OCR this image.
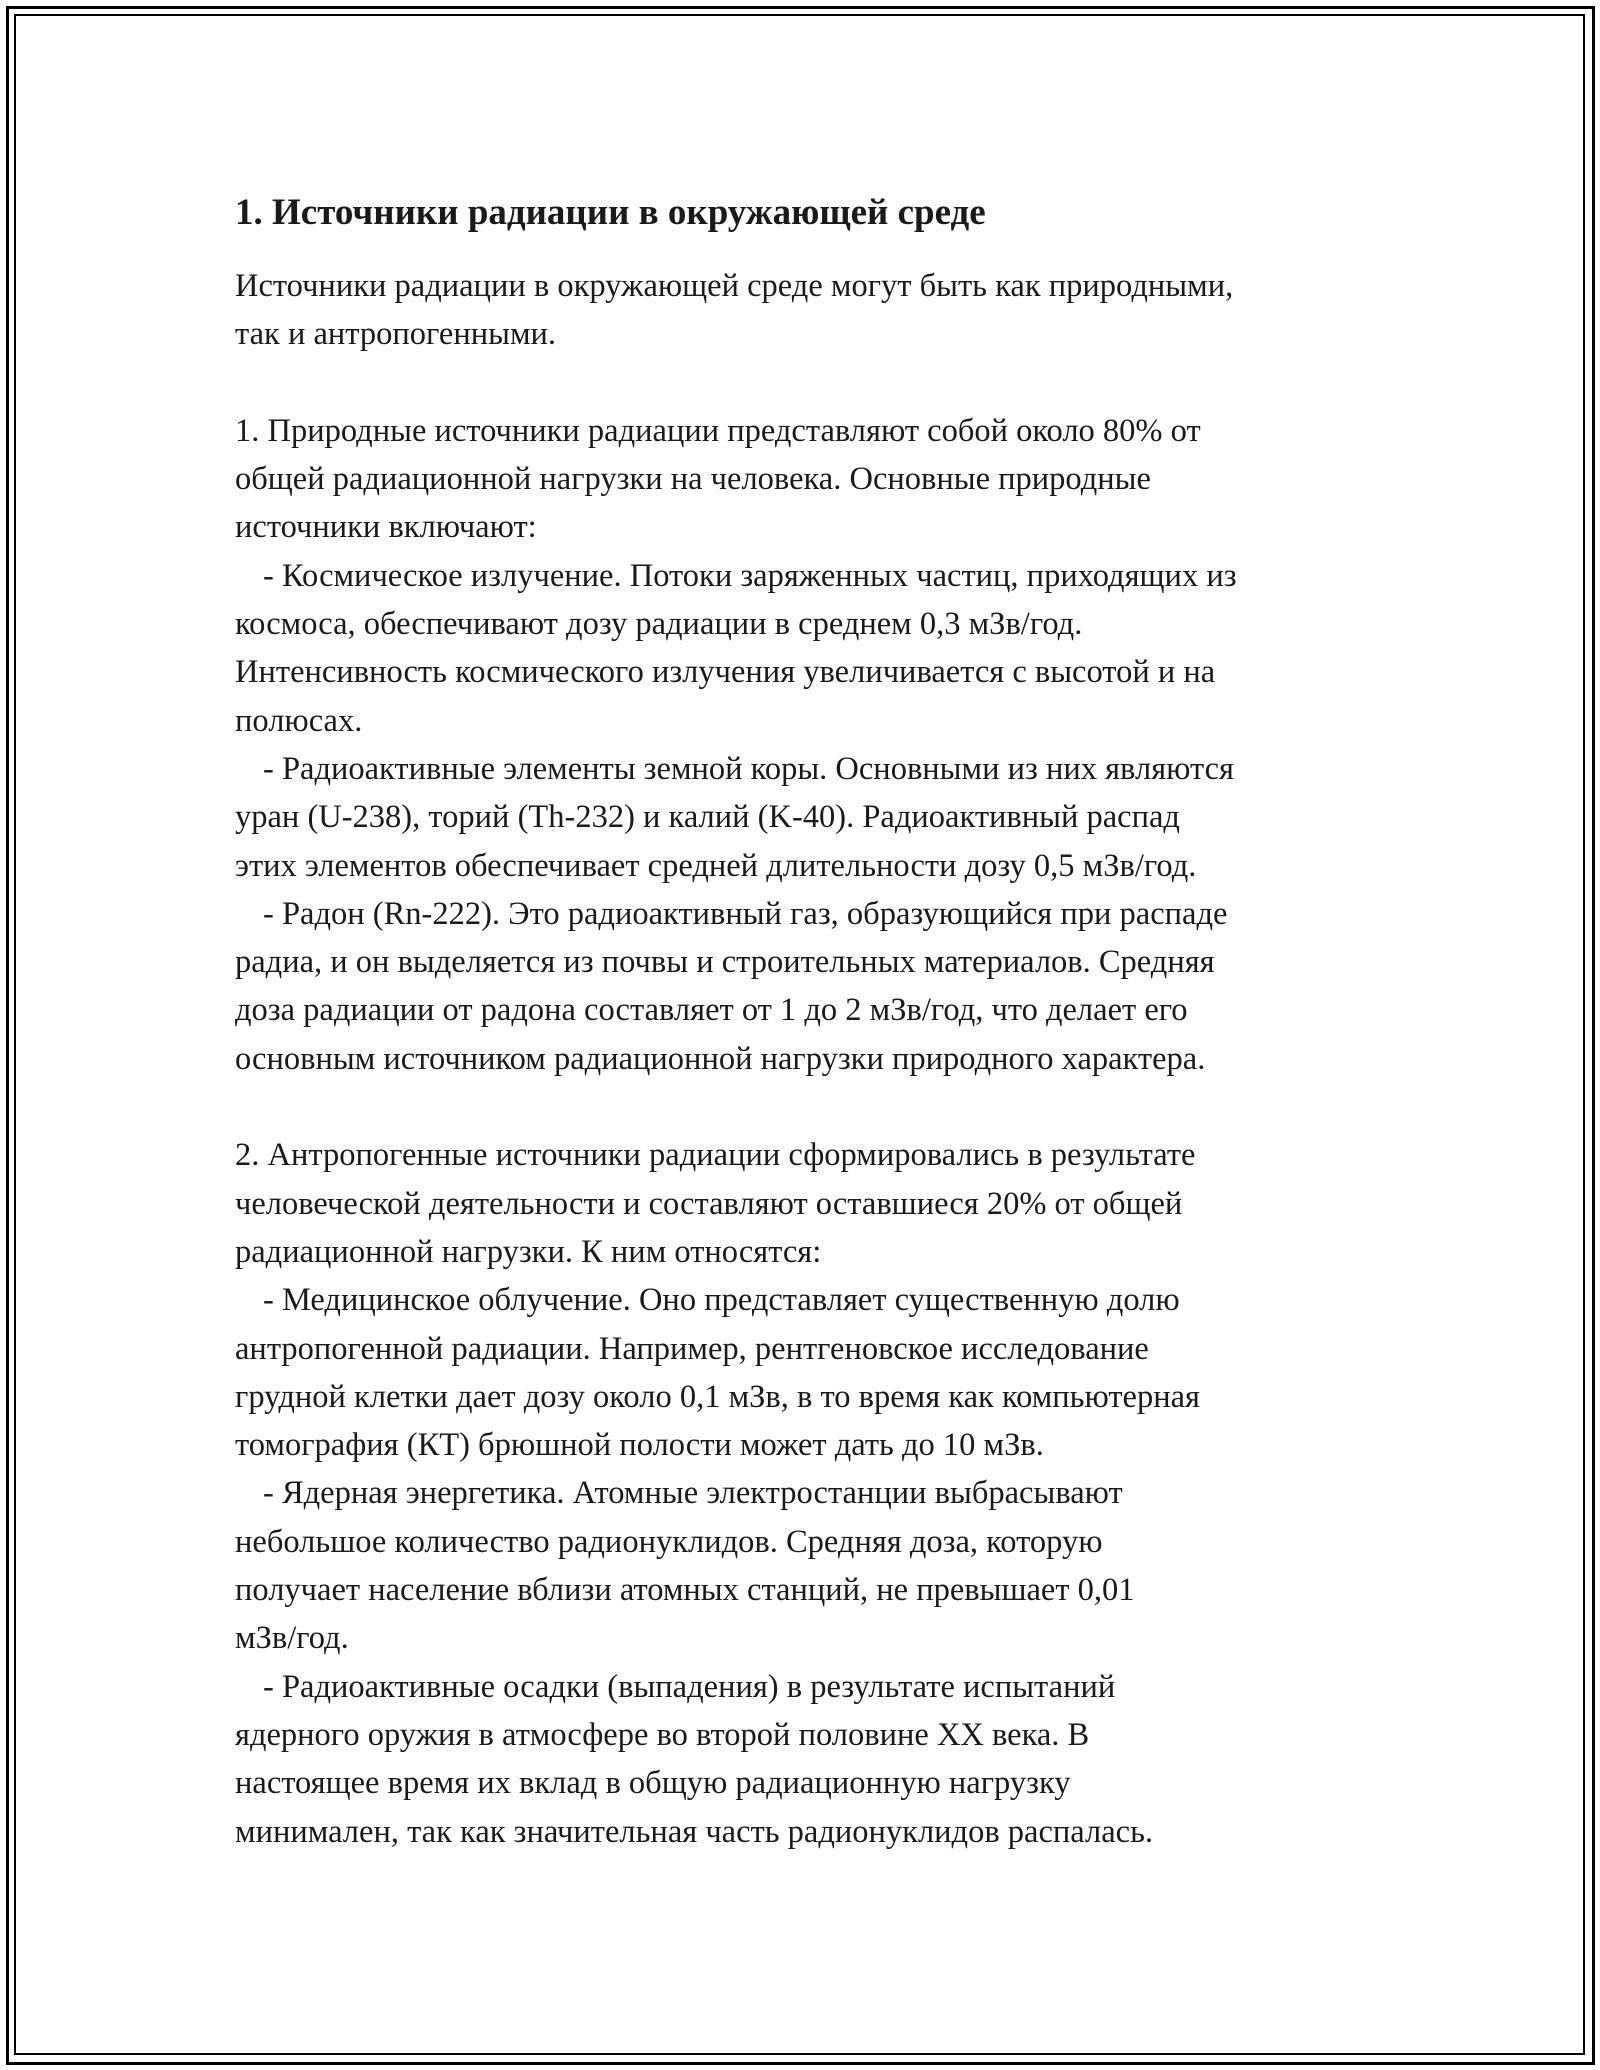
1. Источники радиации в окружающей среде
Источники радиации в окружающей среде могут быть как природными,
так и антропогенными.
1. Природные источники радиации представляют собой около 80% от
общей радиационной нагрузки на человека. Основные природные
источники включают:
- Космическое излучение. Потоки заряженных частиц, приходящих из
космоса, обеспечивают дозу радиации в среднем 0,3 мЗв/год.
Интенсивность космического излучения увеличивается с высотой и на
полюсах.
- Радиоактивные элементы земной коры. Основными из них являются
уран (U-238), торий (Th-232) и калий (K-40). Радиоактивный распад
этих элементов обеспечивает средней длительности дозу 0,5 мЗв/год.
- Радон (Rn-222). Это радиоактивный газ, образующийся при распаде
радиа, и он выделяется из почвы и строительных материалов. Средняя
доза радиации от радона составляет от 1 до 2 мЗв/год, что делает его
основным источником радиационной нагрузки природного характера.
2. Антропогенные источники радиации сформировались в результате
человеческой деятельности и составляют оставшиеся 20% от общей
радиационной нагрузки. К ним относятся:
- Медицинское облучение. Оно представляет существенную долю
антропогенной радиации. Например, рентгеновское исследование
грудной клетки дает дозу около 0,1 мЗв, в то время как компьютерная
томография (КТ) брюшной полости может дать до 10 мЗв.
- Ядерная энергетика. Атомные электростанции выбрасывают
небольшое количество радионуклидов. Средняя доза, которую
получает население вблизи атомных станций, не превышает 0,01
мЗв/год.
- Радиоактивные осадки (выпадения) в результате испытаний
ядерного оружия в атмосфере во второй половине XX века. В
настоящее время их вклад в общую радиационную нагрузку
минимален, так как значительная часть радионуклидов распалась.
